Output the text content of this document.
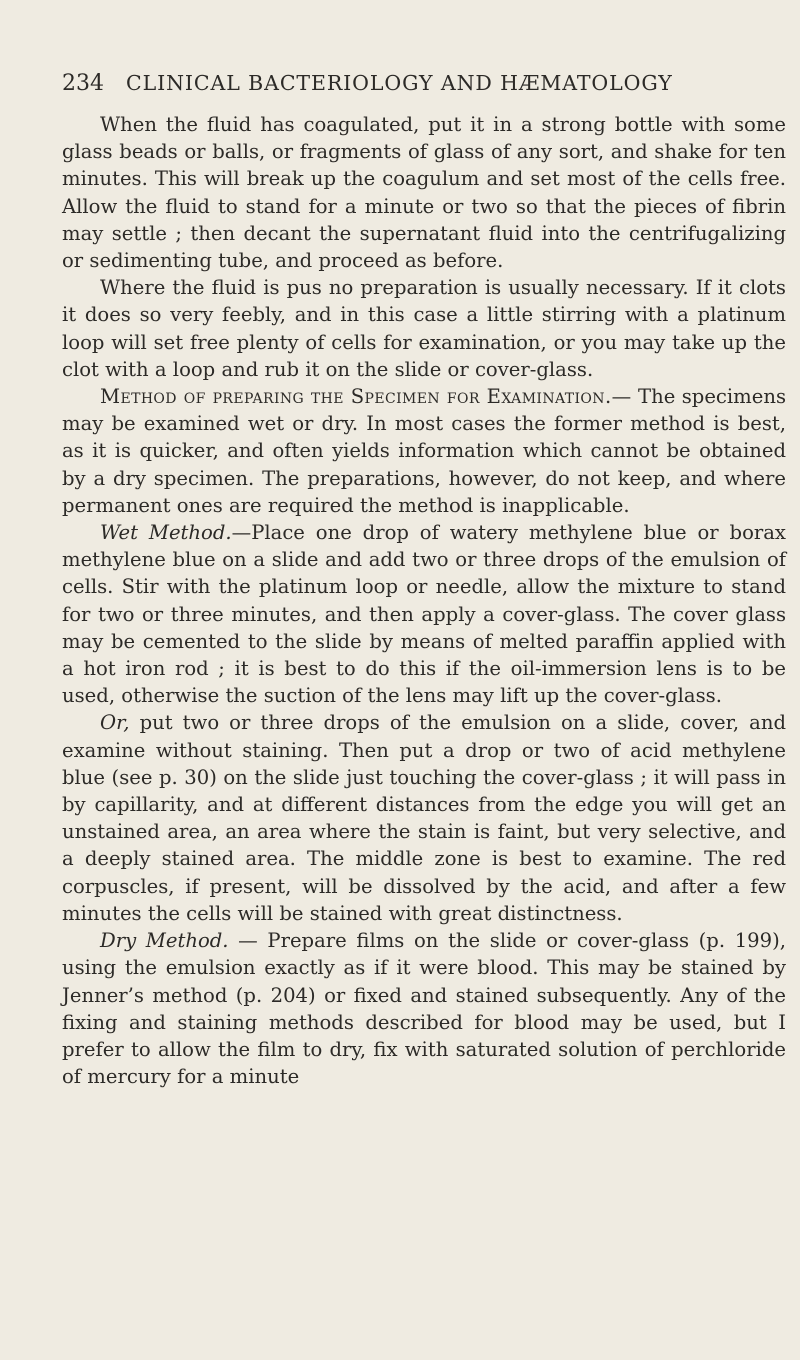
234 CLINICAL BACTERIOLOGY AND HÆMATOLOGY

When the fluid has coagulated, put it in a strong bottle with some glass beads or balls, or fragments of glass of any sort, and shake for ten minutes. This will break up the coagulum and set most of the cells free. Allow the fluid to stand for a minute or two so that the pieces of fibrin may settle ; then decant the supernatant fluid into the centrifugalizing or sedimenting tube, and proceed as before.

Where the fluid is pus no preparation is usually necessary. If it clots it does so very feebly, and in this case a little stirring with a platinum loop will set free plenty of cells for examination, or you may take up the clot with a loop and rub it on the slide or cover-glass.

Method of preparing the Specimen for Examination.— The specimens may be examined wet or dry. In most cases the former method is best, as it is quicker, and often yields information which cannot be obtained by a dry specimen. The preparations, however, do not keep, and where permanent ones are required the method is inapplicable.

Wet Method.—Place one drop of watery methylene blue or borax methylene blue on a slide and add two or three drops of the emulsion of cells. Stir with the platinum loop or needle, allow the mixture to stand for two or three minutes, and then apply a cover-glass. The cover glass may be cemented to the slide by means of melted paraffin applied with a hot iron rod ; it is best to do this if the oil-immersion lens is to be used, otherwise the suction of the lens may lift up the cover-glass.

Or, put two or three drops of the emulsion on a slide, cover, and examine without staining. Then put a drop or two of acid methylene blue (see p. 30) on the slide just touching the cover-glass ; it will pass in by capillarity, and at different distances from the edge you will get an unstained area, an area where the stain is faint, but very selective, and a deeply stained area. The middle zone is best to examine. The red corpuscles, if present, will be dissolved by the acid, and after a few minutes the cells will be stained with great distinctness.

Dry Method. — Prepare films on the slide or cover-glass (p. 199), using the emulsion exactly as if it were blood. This may be stained by Jenner’s method (p. 204) or fixed and stained subsequently. Any of the fixing and staining methods described for blood may be used, but I prefer to allow the film to dry, fix with saturated solution of perchloride of mercury for a minute
